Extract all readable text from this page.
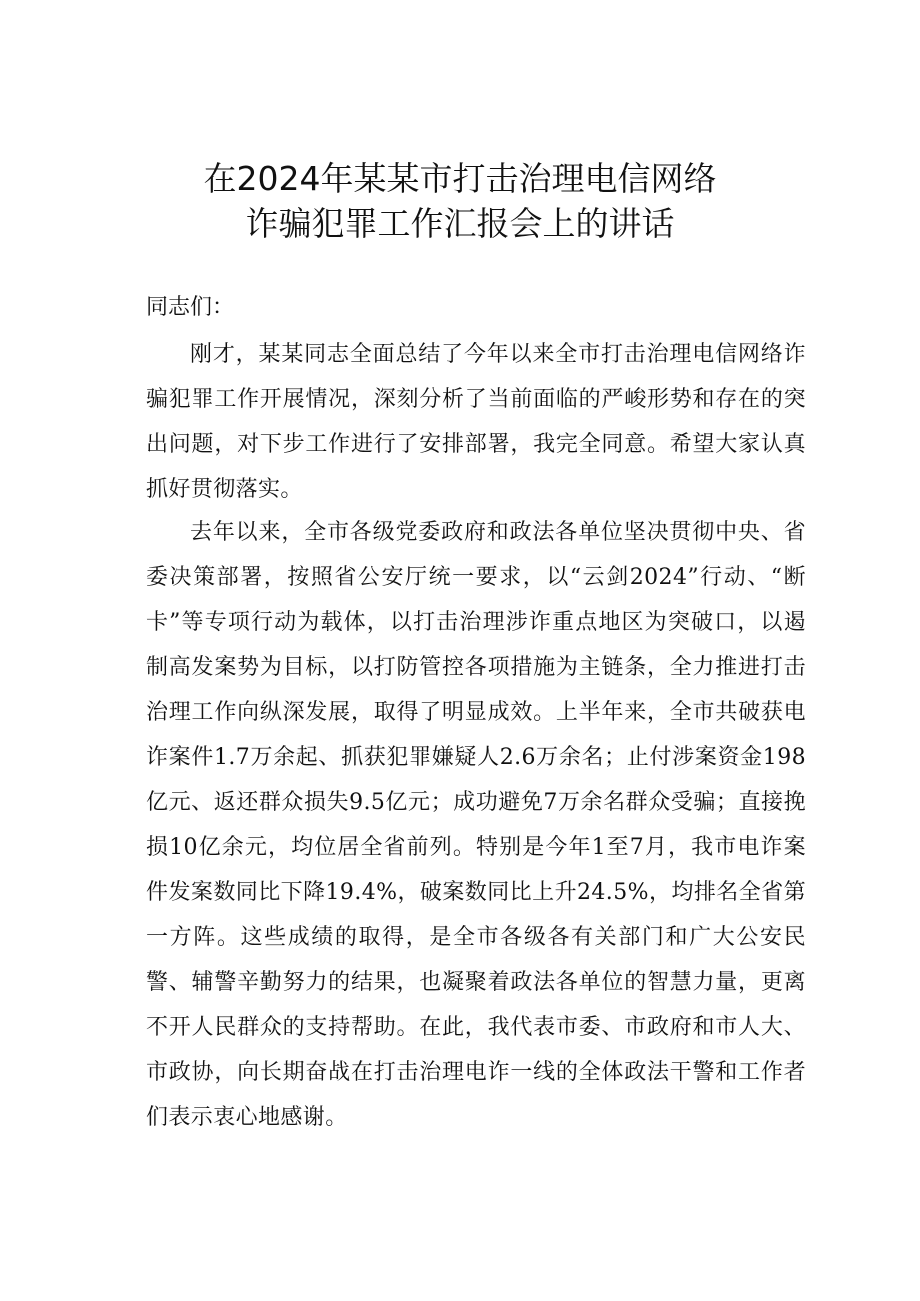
在2024年某某市打击治理电信网络
诈骗犯罪工作汇报会上的讲话
同志们：

刚才，某某同志全面总结了今年以来全市打击治理电信网络诈骗犯罪工作开展情况，深刻分析了当前面临的严峻形势和存在的突出问题，对下步工作进行了安排部署，我完全同意。希望大家认真抓好贯彻落实。

去年以来，全市各级党委政府和政法各单位坚决贯彻中央、省委决策部署，按照省公安厅统一要求，以“云剑2024”行动、“断卡”等专项行动为载体，以打击治理涉诈重点地区为突破口，以遏制高发案势为目标，以打防管控各项措施为主链条，全力推进打击治理工作向纵深发展，取得了明显成效。上半年来，全市共破获电诈案件1.7万余起、抓获犯罪嫌疑人2.6万余名；止付涉案资金198亿元、返还群众损失9.5亿元；成功避免7万余名群众受骗；直接挽损10亿余元，均位居全省前列。特别是今年1至7月，我市电诈案件发案数同比下降19.4%，破案数同比上升24.5%，均排名全省第一方阵。这些成绩的取得，是全市各级各有关部门和广大公安民警、辅警辛勤努力的结果，也凝聚着政法各单位的智慧力量，更离不开人民群众的支持帮助。在此，我代表市委、市政府和市人大、市政协，向长期奋战在打击治理电诈一线的全体政法干警和工作者们表示衷心地感谢。
